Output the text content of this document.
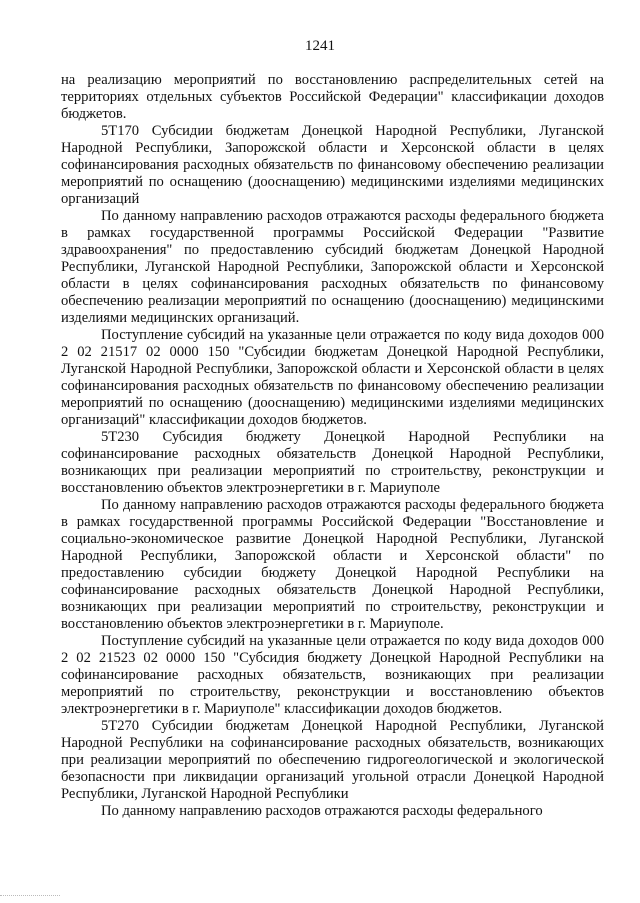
1241

на реализацию мероприятий по восстановлению распределительных сетей на территориях отдельных субъектов Российской Федерации" классификации доходов бюджетов.

5T170 Субсидии бюджетам Донецкой Народной Республики, Луганской Народной Республики, Запорожской области и Херсонской области в целях софинансирования расходных обязательств по финансовому обеспечению реализации мероприятий по оснащению (дооснащению) медицинскими изделиями медицинских организаций

По данному направлению расходов отражаются расходы федерального бюджета в рамках государственной программы Российской Федерации "Развитие здравоохранения" по предоставлению субсидий бюджетам Донецкой Народной Республики, Луганской Народной Республики, Запорожской области и Херсонской области в целях софинансирования расходных обязательств по финансовому обеспечению реализации мероприятий по оснащению (дооснащению) медицинскими изделиями медицинских организаций.

Поступление субсидий на указанные цели отражается по коду вида доходов 000 2 02 21517 02 0000 150 "Субсидии бюджетам Донецкой Народной Республики, Луганской Народной Республики, Запорожской области и Херсонской области в целях софинансирования расходных обязательств по финансовому обеспечению реализации мероприятий по оснащению (дооснащению) медицинскими изделиями медицинских организаций" классификации доходов бюджетов.

5T230 Субсидия бюджету Донецкой Народной Республики на софинансирование расходных обязательств Донецкой Народной Республики, возникающих при реализации мероприятий по строительству, реконструкции и восстановлению объектов электроэнергетики в г. Мариуполе

По данному направлению расходов отражаются расходы федерального бюджета в рамках государственной программы Российской Федерации "Восстановление и социально-экономическое развитие Донецкой Народной Республики, Луганской Народной Республики, Запорожской области и Херсонской области" по предоставлению субсидии бюджету Донецкой Народной Республики на софинансирование расходных обязательств Донецкой Народной Республики, возникающих при реализации мероприятий по строительству, реконструкции и восстановлению объектов электроэнергетики в г. Мариуполе.

Поступление субсидий на указанные цели отражается по коду вида доходов 000 2 02 21523 02 0000 150 "Субсидия бюджету Донецкой Народной Республики на софинансирование расходных обязательств, возникающих при реализации мероприятий по строительству, реконструкции и восстановлению объектов электроэнергетики в г. Мариуполе" классификации доходов бюджетов.

5T270 Субсидии бюджетам Донецкой Народной Республики, Луганской Народной Республики на софинансирование расходных обязательств, возникающих при реализации мероприятий по обеспечению гидрогеологической и экологической безопасности при ликвидации организаций угольной отрасли Донецкой Народной Республики, Луганской Народной Республики

По данному направлению расходов отражаются расходы федерального
